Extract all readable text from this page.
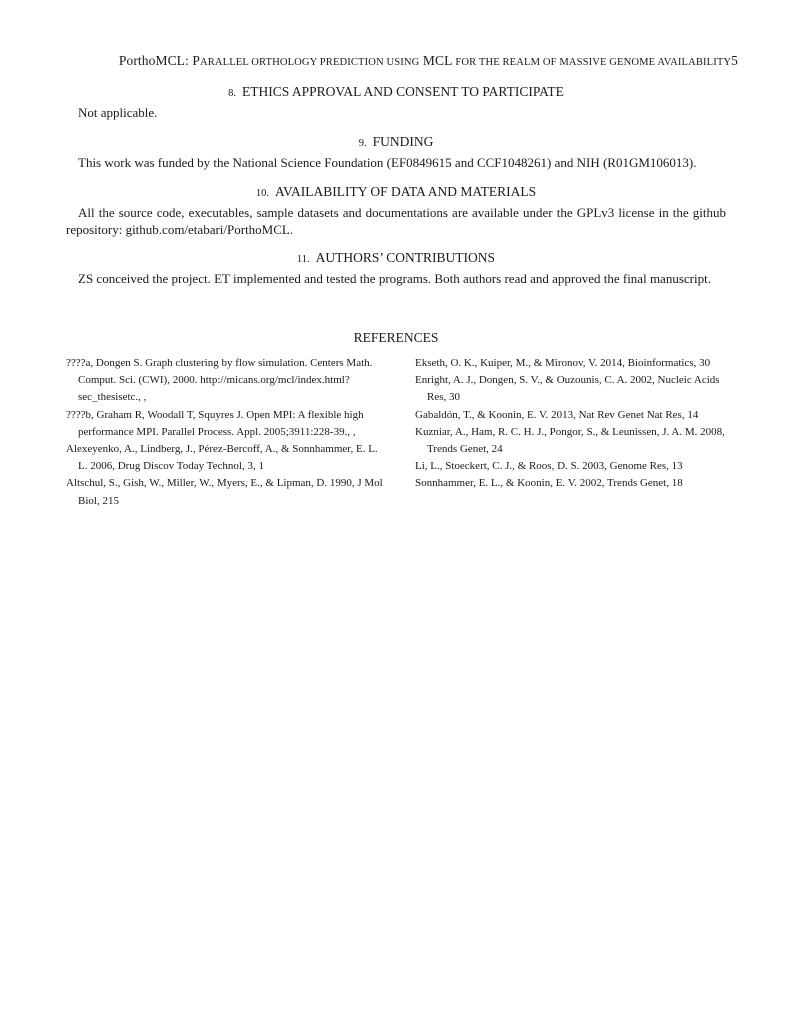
PorthoMCL: PARALLEL ORTHOLOGY PREDICTION USING MCL FOR THE REALM OF MASSIVE GENOME AVAILABILITY5
8. ETHICS APPROVAL AND CONSENT TO PARTICIPATE
Not applicable.
9. FUNDING
This work was funded by the National Science Foundation (EF0849615 and CCF1048261) and NIH (R01GM106013).
10. AVAILABILITY OF DATA AND MATERIALS
All the source code, executables, sample datasets and documentations are available under the GPLv3 license in the github repository: github.com/etabari/PorthoMCL.
11. AUTHORS’ CONTRIBUTIONS
ZS conceived the project. ET implemented and tested the programs. Both authors read and approved the final manuscript.
REFERENCES

????a, Dongen S. Graph clustering by flow simulation. Centers Math. Comput. Sci. (CWI), 2000. http://micans.org/mcl/index.html?sec_thesisetc., ,

????b, Graham R, Woodall T, Squyres J. Open MPI: A flexible high performance MPI. Parallel Process. Appl. 2005;3911:228-39., ,

Alexeyenko, A., Lindberg, J., Pérez-Bercoff, A., & Sonnhammer, E. L. L. 2006, Drug Discov Today Technol, 3, 1

Altschul, S., Gish, W., Miller, W., Myers, E., & Lipman, D. 1990, J Mol Biol, 215

Ekseth, O. K., Kuiper, M., & Mironov, V. 2014, Bioinformatics, 30

Enright, A. J., Dongen, S. V., & Ouzounis, C. A. 2002, Nucleic Acids Res, 30

Gabaldón, T., & Koonin, E. V. 2013, Nat Rev Genet Nat Res, 14

Kuzniar, A., Ham, R. C. H. J., Pongor, S., & Leunissen, J. A. M. 2008, Trends Genet, 24

Li, L., Stoeckert, C. J., & Roos, D. S. 2003, Genome Res, 13

Sonnhammer, E. L., & Koonin, E. V. 2002, Trends Genet, 18
